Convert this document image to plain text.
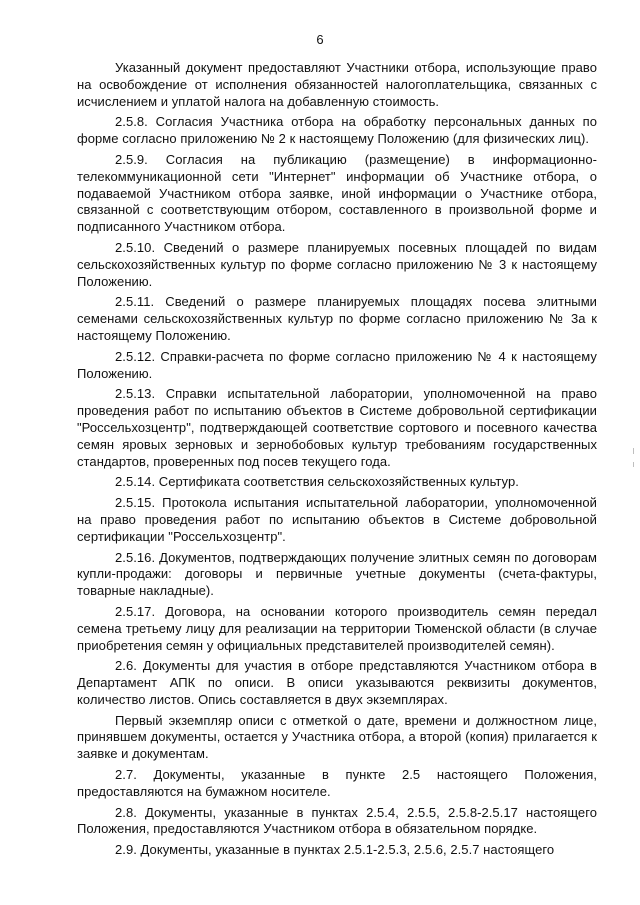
6

Указанный документ предоставляют Участники отбора, использующие право на освобождение от исполнения обязанностей налогоплательщика, связанных с исчислением и уплатой налога на добавленную стоимость.

2.5.8. Согласия Участника отбора на обработку персональных данных по форме согласно приложению № 2 к настоящему Положению (для физических лиц).

2.5.9. Согласия на публикацию (размещение) в информационно-телекоммуникационной сети "Интернет" информации об Участнике отбора, о подаваемой Участником отбора заявке, иной информации о Участнике отбора, связанной с соответствующим отбором, составленного в произвольной форме и подписанного Участником отбора.

2.5.10. Сведений о размере планируемых посевных площадей по видам сельскохозяйственных культур по форме согласно приложению № 3 к настоящему Положению.

2.5.11. Сведений о размере планируемых площадях посева элитными семенами сельскохозяйственных культур по форме согласно приложению № 3а к настоящему Положению.

2.5.12. Справки-расчета по форме согласно приложению № 4 к настоящему Положению.

2.5.13. Справки испытательной лаборатории, уполномоченной на право проведения работ по испытанию объектов в Системе добровольной сертификации "Россельхозцентр", подтверждающей соответствие сортового и посевного качества семян яровых зерновых и зернобобовых культур требованиям государственных стандартов, проверенных под посев текущего года.

2.5.14. Сертификата соответствия сельскохозяйственных культур.

2.5.15. Протокола испытания испытательной лаборатории, уполномоченной на право проведения работ по испытанию объектов в Системе добровольной сертификации "Россельхозцентр".

2.5.16. Документов, подтверждающих получение элитных семян по договорам купли-продажи: договоры и первичные учетные документы (счета-фактуры, товарные накладные).

2.5.17. Договора, на основании которого производитель семян передал семена третьему лицу для реализации на территории Тюменской области (в случае приобретения семян у официальных представителей производителей семян).

2.6. Документы для участия в отборе представляются Участником отбора в Департамент АПК по описи. В описи указываются реквизиты документов, количество листов. Опись составляется в двух экземплярах.

Первый экземпляр описи с отметкой о дате, времени и должностном лице, принявшем документы, остается у Участника отбора, а второй (копия) прилагается к заявке и документам.

2.7. Документы, указанные в пункте 2.5 настоящего Положения, предоставляются на бумажном носителе.

2.8. Документы, указанные в пунктах 2.5.4, 2.5.5, 2.5.8-2.5.17 настоящего Положения, предоставляются Участником отбора в обязательном порядке.

2.9. Документы, указанные в пунктах 2.5.1-2.5.3, 2.5.6, 2.5.7 настоящего
